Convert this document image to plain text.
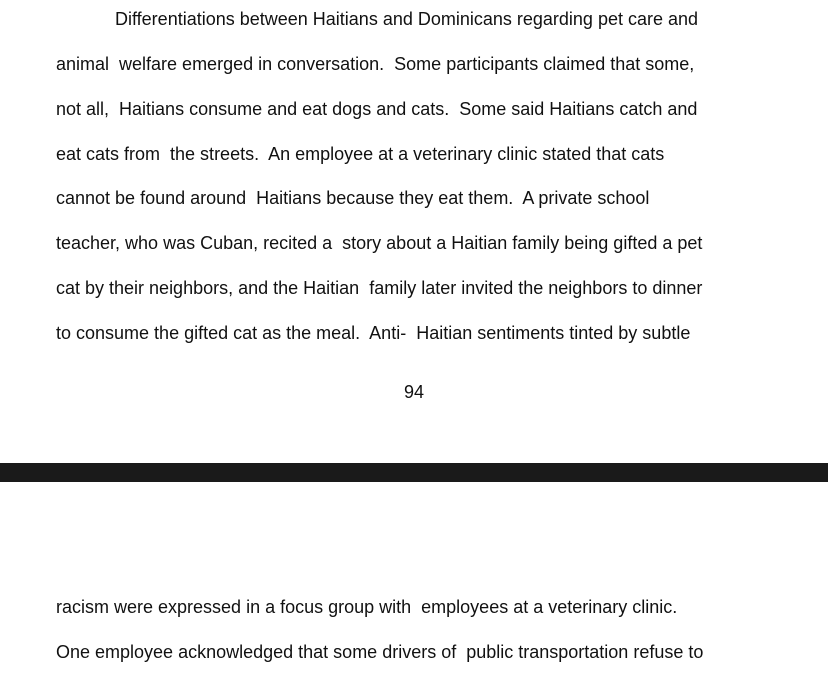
Differentiations between Haitians and Dominicans regarding pet care and
animal  welfare emerged in conversation.  Some participants claimed that some,
not all,  Haitians consume and eat dogs and cats.  Some said Haitians catch and
eat cats from  the streets.  An employee at a veterinary clinic stated that cats
cannot be found around  Haitians because they eat them.  A private school
teacher, who was Cuban, recited a  story about a Haitian family being gifted a pet
cat by their neighbors, and the Haitian  family later invited the neighbors to dinner
to consume the gifted cat as the meal.  Anti-  Haitian sentiments tinted by subtle
94
racism were expressed in a focus group with  employees at a veterinary clinic.
One employee acknowledged that some drivers of  public transportation refuse to
